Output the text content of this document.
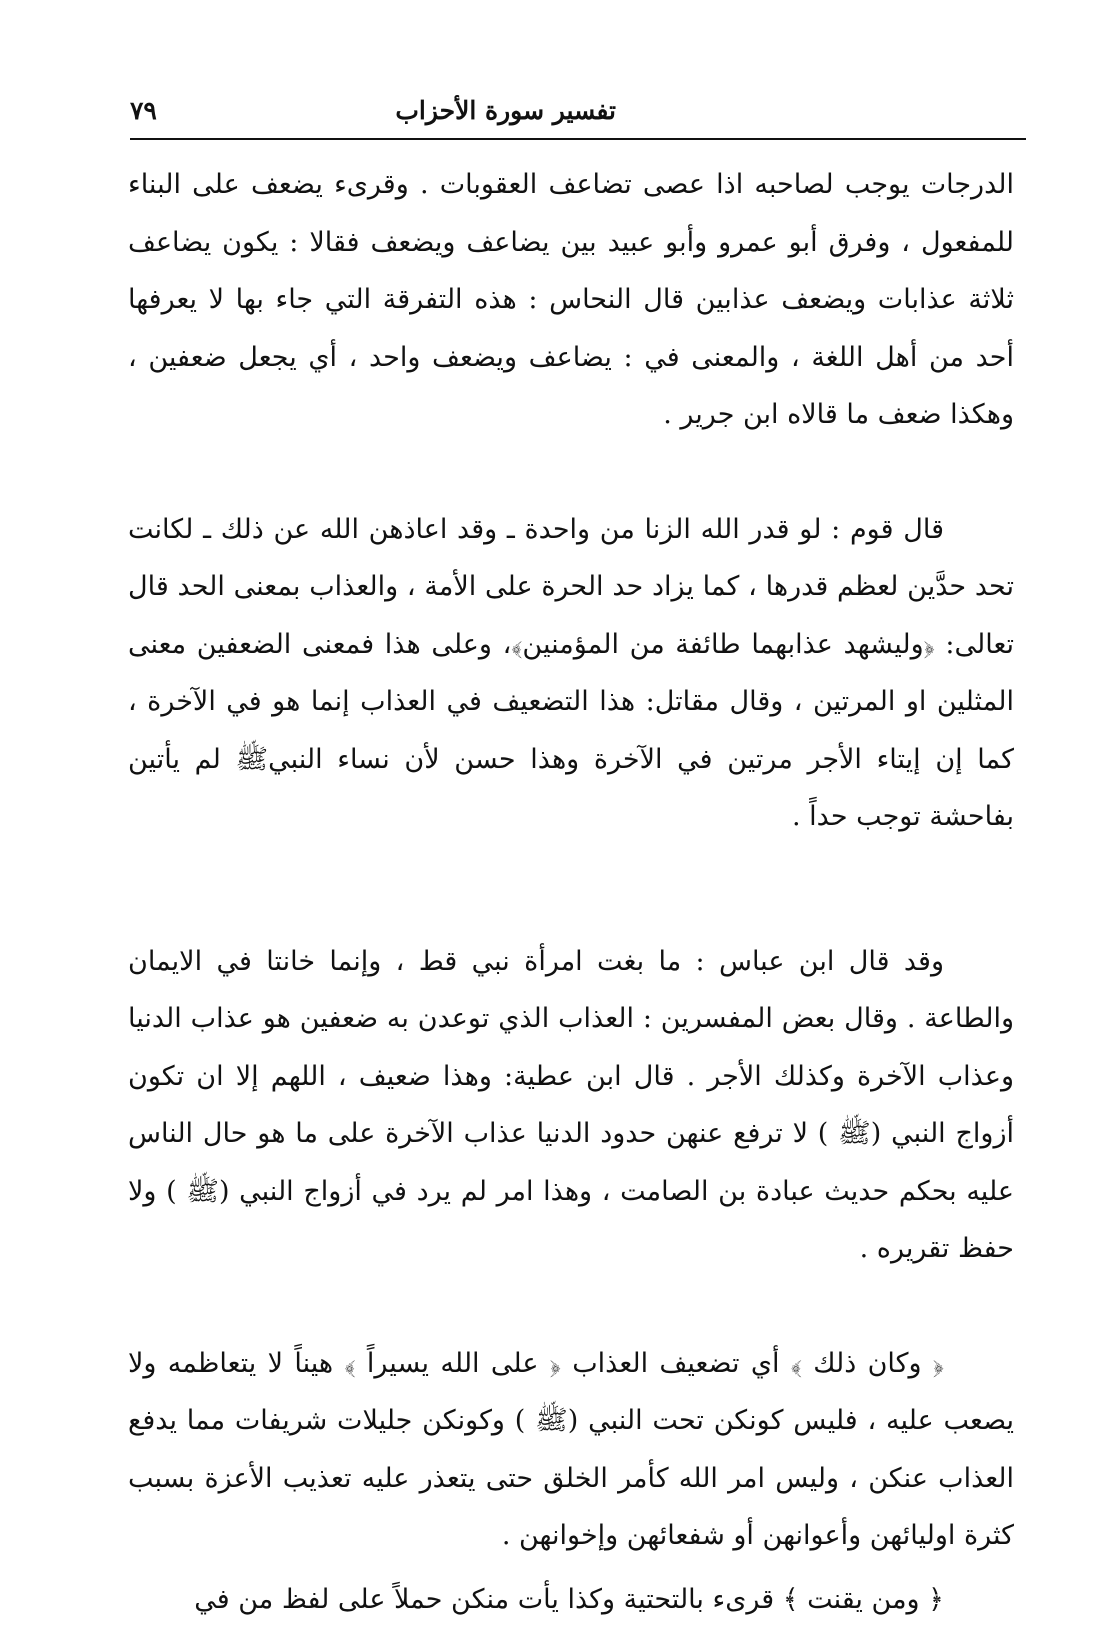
تفسير سورة الأحزاب
٧٩

الدرجات يوجب لصاحبه اذا عصى تضاعف العقوبات . وقرىء يضعف على البناء للمفعول ، وفرق أبو عمرو وأبو عبيد بين يضاعف ويضعف فقالا : يكون يضاعف ثلاثة عذابات ويضعف عذابين قال النحاس : هذه التفرقة التي جاء بها لا يعرفها أحد من أهل اللغة ، والمعنى في : يضاعف ويضعف واحد ، أي يجعل ضعفين ، وهكذا ضعف ما قالاه ابن جرير .

قال قوم : لو قدر الله الزنا من واحدة ـ وقد اعاذهن الله عن ذلك ـ لكانت تحد حدَّين لعظم قدرها ، كما يزاد حد الحرة على الأمة ، والعذاب بمعنى الحد قال تعالى: ﴿وليشهد عذابهما طائفة من المؤمنين﴾، وعلى هذا فمعنى الضعفين معنى المثلين او المرتين ، وقال مقاتل: هذا التضعيف في العذاب إنما هو في الآخرة ، كما إن إيتاء الأجر مرتين في الآخرة وهذا حسن لأن نساء النبيﷺ لم يأتين بفاحشة توجب حداً .

وقد قال ابن عباس : ما بغت امرأة نبي قط ، وإنما خانتا في الايمان والطاعة . وقال بعض المفسرين : العذاب الذي توعدن به ضعفين هو عذاب الدنيا وعذاب الآخرة وكذلك الأجر . قال ابن عطية: وهذا ضعيف ، اللهم إلا ان تكون أزواج النبي (ﷺ ) لا ترفع عنهن حدود الدنيا عذاب الآخرة على ما هو حال الناس عليه بحكم حديث عبادة بن الصامت ، وهذا امر لم يرد في أزواج النبي (ﷺ ) ولا حفظ تقريره .

﴿ وكان ذلك ﴾ أي تضعيف العذاب ﴿ على الله يسيراً ﴾ هيناً لا يتعاظمه ولا يصعب عليه ، فليس كونكن تحت النبي (ﷺ ) وكونكن جليلات شريفات مما يدفع العذاب عنكن ، وليس امر الله كأمر الخلق حتى يتعذر عليه تعذيب الأعزة بسبب كثرة اوليائهن وأعوانهن أو شفعائهن وإخوانهن .

﴿ ومن يقنت ﴾ قرىء بالتحتية وكذا يأت منكن حملاً على لفظ من في
